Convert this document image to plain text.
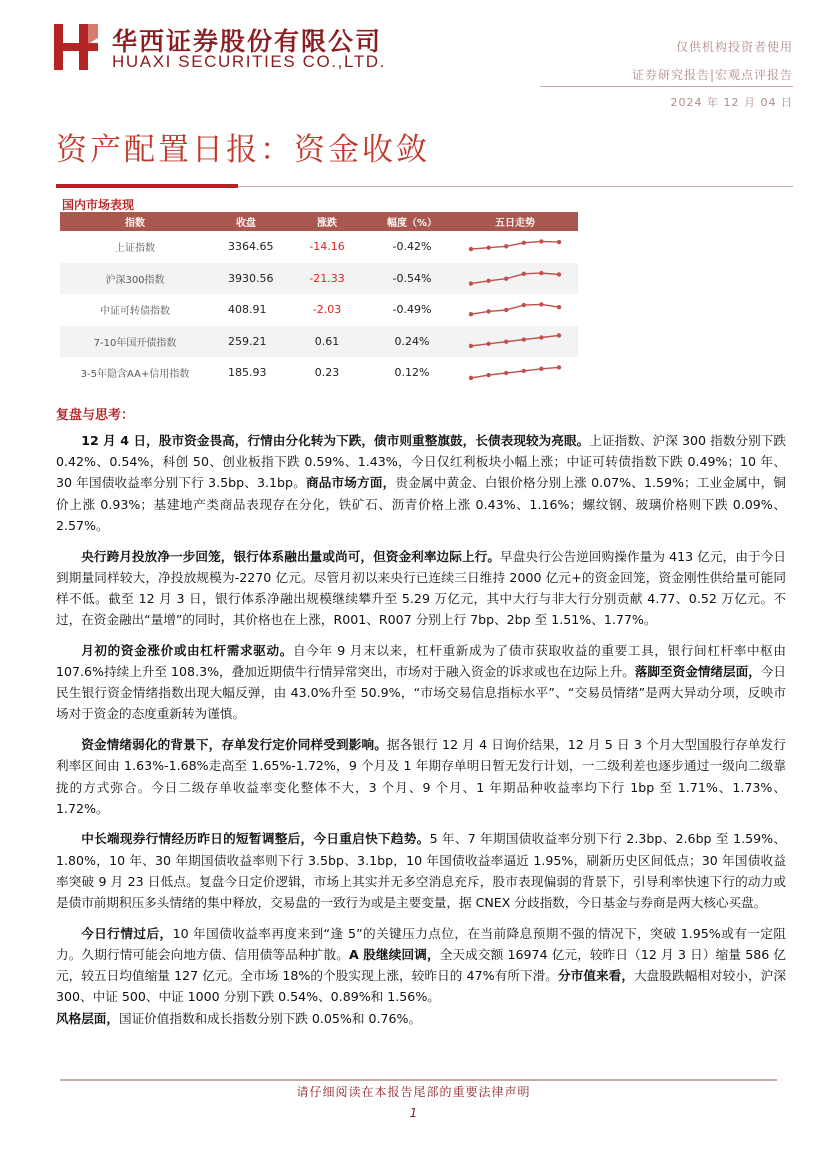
华西证券股份有限公司
HUAXI SECURITIES CO.,LTD.
仅供机构投资者使用
证券研究报告|宏观点评报告
2024 年 12 月 04 日
资产配置日报：资金收敛
国内市场表现
指数	收盘	涨跌	幅度（%）	五日走势
上证指数	3364.65	-14.16	-0.42%	

沪深300指数	3930.56	-21.33	-0.54%	

中证可转债指数	408.91	-2.03	-0.49%	

7-10年国开债指数	259.21	0.61	0.24%	

3-5年隐含AA+信用指数	185.93	0.23	0.12%	
复盘与思考：

12 月 4 日，股市资金畏高，行情由分化转为下跌，债市则重整旗鼓，长债表现较为亮眼。上证指数、沪深 300 指数分别下跌 0.42%、0.54%，科创 50、创业板指下跌 0.59%、1.43%，今日仅红利板块小幅上涨；中证可转债指数下跌 0.49%；10 年、30 年国债收益率分别下行 3.5bp、3.1bp。商品市场方面，贵金属中黄金、白银价格分别上涨 0.07%、1.59%；工业金属中，铜价上涨 0.93%；基建地产类商品表现存在分化，铁矿石、沥青价格上涨 0.43%、1.16%；螺纹钢、玻璃价格则下跌 0.09%、2.57%。

央行跨月投放净一步回笼，银行体系融出量或尚可，但资金利率边际上行。早盘央行公告逆回购操作量为 413 亿元，由于今日到期量同样较大，净投放规模为-2270 亿元。尽管月初以来央行已连续三日维持 2000 亿元+的资金回笼，资金刚性供给量可能同样不低。截至 12 月 3 日，银行体系净融出规模继续攀升至 5.29 万亿元，其中大行与非大行分别贡献 4.77、0.52 万亿元。不过，在资金融出“量增”的同时，其价格也在上涨，R001、R007 分别上行 7bp、2bp 至 1.51%、1.77%。

月初的资金涨价或由杠杆需求驱动。自今年 9 月末以来，杠杆重新成为了债市获取收益的重要工具，银行间杠杆率中枢由 107.6%持续上升至 108.3%，叠加近期债牛行情异常突出，市场对于融入资金的诉求或也在边际上升。落脚至资金情绪层面，今日民生银行资金情绪指数出现大幅反弹，由 43.0%升至 50.9%，“市场交易信息指标水平”、“交易员情绪”是两大异动分项，反映市场对于资金的态度重新转为谨慎。

资金情绪弱化的背景下，存单发行定价同样受到影响。据各银行 12 月 4 日询价结果，12 月 5 日 3 个月大型国股行存单发行利率区间由 1.63%-1.68%走高至 1.65%-1.72%，9 个月及 1 年期存单明日暂无发行计划，一二级利差也逐步通过一级向二级靠拢的方式弥合。今日二级存单收益率变化整体不大，3 个月、9 个月、1 年期品种收益率均下行 1bp 至 1.71%、1.73%、1.72%。

中长端现券行情经历昨日的短暂调整后，今日重启快下趋势。5 年、7 年期国债收益率分别下行 2.3bp、2.6bp 至 1.59%、1.80%，10 年、30 年期国债收益率则下行 3.5bp、3.1bp，10 年国债收益率逼近 1.95%，刷新历史区间低点；30 年国债收益率突破 9 月 23 日低点。复盘今日定价逻辑，市场上其实并无多空消息充斥，股市表现偏弱的背景下，引导利率快速下行的动力或是债市前期积压多头情绪的集中释放，交易盘的一致行为或是主要变量，据 CNEX 分歧指数，今日基金与券商是两大核心买盘。

今日行情过后，10 年国债收益率再度来到“逢 5”的关键压力点位，在当前降息预期不强的情况下，突破 1.95%或有一定阻力。久期行情可能会向地方债、信用债等品种扩散。A 股继续回调，全天成交额 16974 亿元，较昨日（12 月 3 日）缩量 586 亿元，较五日均值缩量 127 亿元。全市场 18%的个股实现上涨，较昨日的 47%有所下滑。分市值来看，大盘股跌幅相对较小，沪深 300、中证 500、中证 1000 分别下跌 0.54%、0.89%和 1.56%。

风格层面，国证价值指数和成长指数分别下跌 0.05%和 0.76%。

请仔细阅读在本报告尾部的重要法律声明
1
